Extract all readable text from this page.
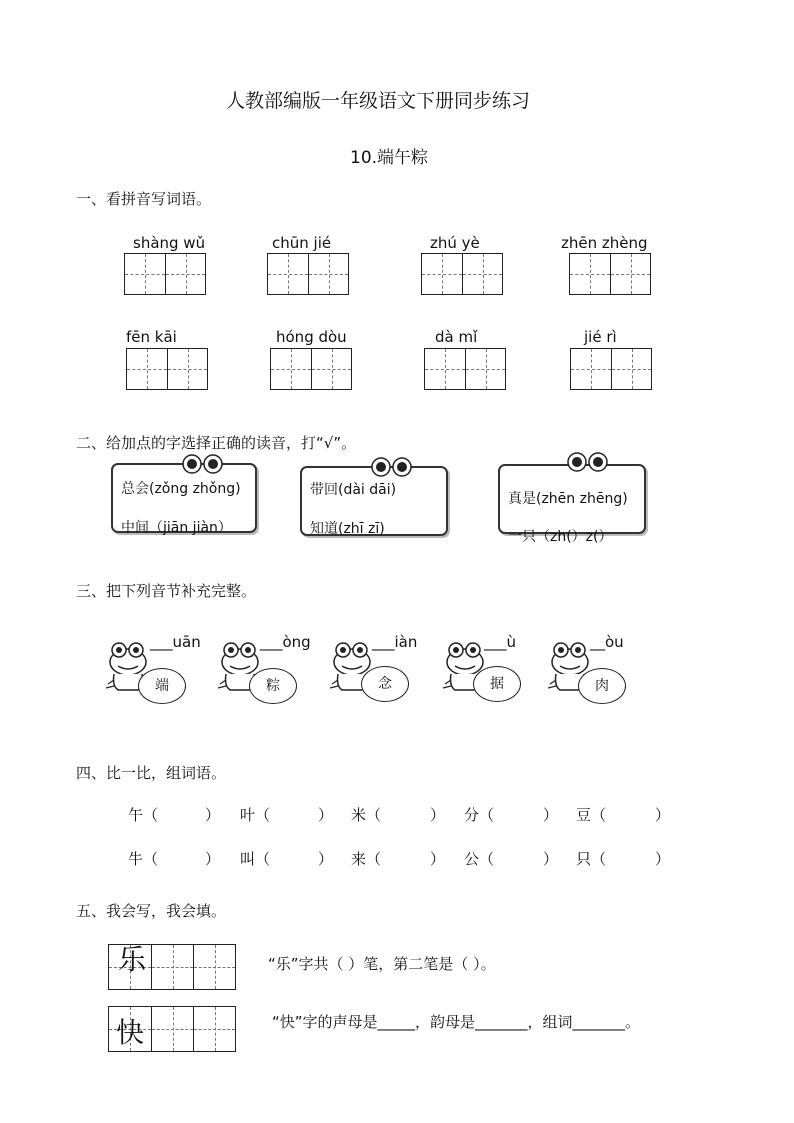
人教部编版一年级语文下册同步练习
10.端午粽
一、看拼音写词语。
shàng wǔ	chūn jié	zhú yè	zhēn zhèng
fēn kāi	hóng dòu	dà mǐ	jié rì
二、给加点的字选择正确的读音，打“√”。
总会(zǒng zhǒng)
中间（jiān jiàn）
带回(dài dāi)
知道(zhī zī)
真是(zhēn zhēng)
一只（zh(）z(）
三、把下列音节补充完整。
___uān
端
___òng
粽
___iàn
念
___ù
据
__òu
肉
四、比一比，组词语。
午（	） 叶（	） 米（	） 分（	） 豆（	）
牛（	） 叫（	） 来（	） 公（	） 只（	）
五、我会写，我会填。
乐	“乐”字共（ ）笔，第二笔是（ ）。
快	“快”字的声母是_____，韵母是_______，组词_______。
